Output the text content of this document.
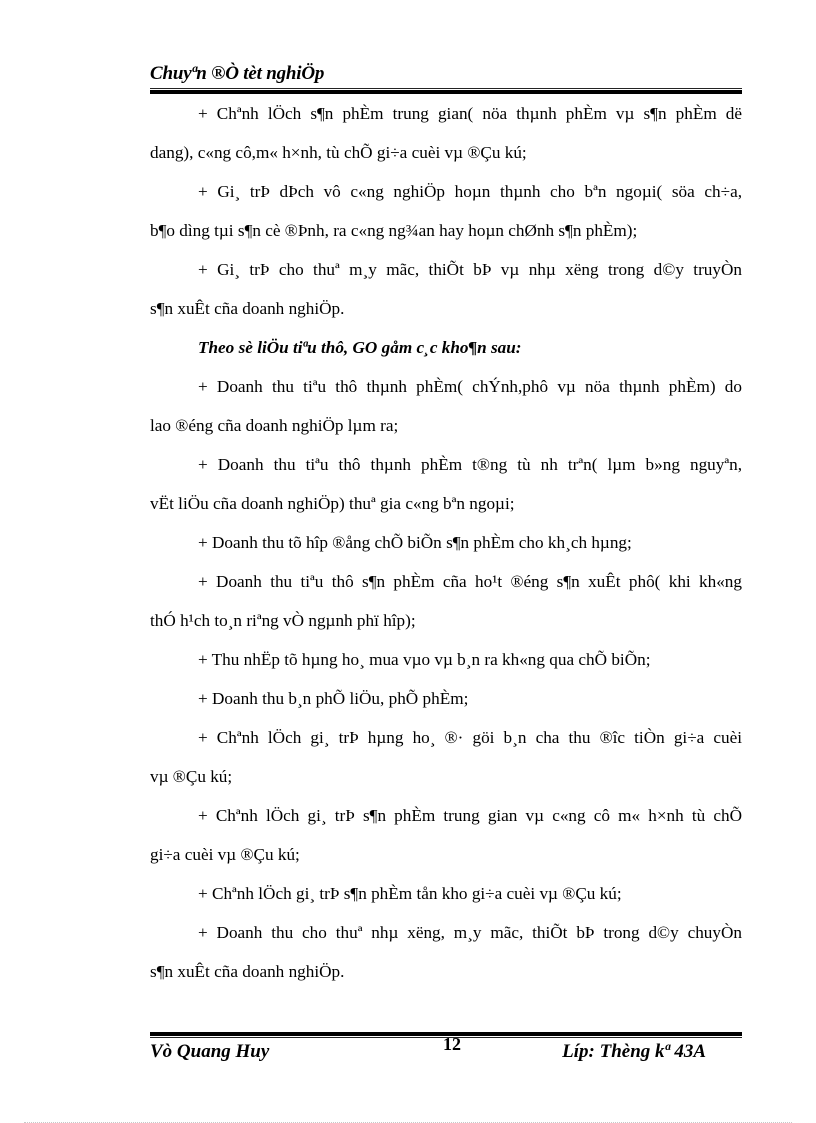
Chuyªn ®Ò tèt nghiÖp
+ Chªnh lÖch s¶n phÈm trung gian( nöa thµnh phÈm vµ s¶n phÈm dë
dang), c«ng cô,m« h×nh, tù chÕ gi÷a cuèi vµ ®Çu kú;
+ Gi¸ trÞ dÞch vô c«ng nghiÖp hoµn thµnh cho bªn ngoµi( söa ch÷a,
b¶o dìng tµi s¶n cè ®Þnh, ra c«ng ng¾an hay hoµn chØnh s¶n phÈm);
+ Gi¸ trÞ cho thuª m¸y mãc, thiÕt bÞ vµ nhµ xëng trong d©y truyÒn
s¶n xuÊt cña doanh nghiÖp.
Theo sè liÖu tiªu thô, GO gåm c¸c kho¶n sau:
+ Doanh thu tiªu thô thµnh phÈm( chÝnh,phô vµ nöa thµnh phÈm) do
lao ®éng cña doanh nghiÖp lµm ra;
+ Doanh thu tiªu thô thµnh phÈm t®ng tù nh trªn( lµm b»ng nguyªn,
vËt liÖu cña doanh nghiÖp) thuª gia c«ng bªn ngoµi;
+ Doanh thu tõ hîp ®ång chÕ biÕn s¶n phÈm cho kh¸ch hµng;
+ Doanh thu tiªu thô s¶n phÈm cña ho¹t ®éng s¶n xuÊt phô( khi kh«ng
thÓ h¹ch to¸n riªng vÒ ngµnh phï hîp);
+ Thu nhËp tõ hµng ho¸ mua vµo vµ b¸n ra kh«ng qua chÕ biÕn;
+ Doanh thu b¸n phÕ liÖu, phÕ phÈm;
+ Chªnh lÖch gi¸ trÞ hµng ho¸ ®· göi b¸n cha thu ®îc tiÒn gi÷a cuèi
vµ ®Çu kú;
+ Chªnh lÖch gi¸ trÞ s¶n phÈm trung gian vµ c«ng cô m« h×nh tù chÕ
gi÷a cuèi vµ ®Çu kú;
+ Chªnh lÖch gi¸ trÞ s¶n phÈm tån kho gi÷a cuèi vµ ®Çu kú;
+ Doanh thu cho thuª nhµ xëng, m¸y mãc, thiÕt bÞ trong d©y chuyÒn
s¶n xuÊt cña doanh nghiÖp.
Vò Quang Huy	12	Líp: Thèng kª 43A
